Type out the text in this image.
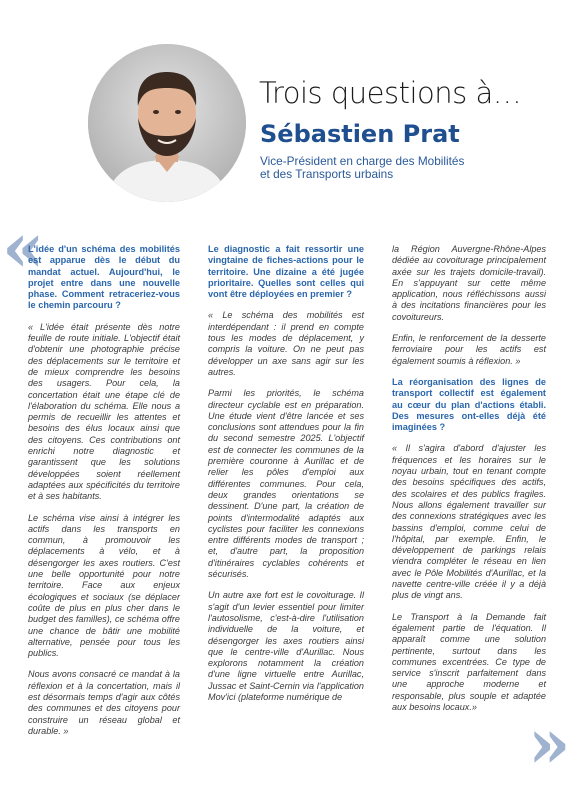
Trois questions à…
Sébastien Prat
Vice-Président en charge des Mobilités
et des Transports urbains
«
»

L'idée d'un schéma des mobilités est apparue dès le début du mandat actuel. Aujourd'hui, le projet entre dans une nouvelle phase. Comment retraceriez-vous le chemin parcouru ?

« L'idée était présente dès notre feuille de route initiale. L'objectif était d'obtenir une photographie précise des déplacements sur le territoire et de mieux comprendre les besoins des usagers. Pour cela, la concertation était une étape clé de l'élaboration du schéma. Elle nous a permis de recueillir les attentes et besoins des élus locaux ainsi que des citoyens. Ces contributions ont enrichi notre diagnostic et garantissent que les solutions développées soient réellement adaptées aux spécificités du territoire et à ses habitants.

Le schéma vise ainsi à intégrer les actifs dans les transports en commun, à promouvoir les déplacements à vélo, et à désengorger les axes routiers. C'est une belle opportunité pour notre territoire. Face aux enjeux écologiques et sociaux (se déplacer coûte de plus en plus cher dans le budget des familles), ce schéma offre une chance de bâtir une mobilité alternative, pensée pour tous les publics.

Nous avons consacré ce mandat à la réflexion et à la concertation, mais il est désormais temps d'agir aux côtés des communes et des citoyens pour construire un réseau global et durable. »

Le diagnostic a fait ressortir une vingtaine de fiches-actions pour le territoire. Une dizaine a été jugée prioritaire. Quelles sont celles qui vont être déployées en premier ?

« Le schéma des mobilités est interdépendant : il prend en compte tous les modes de déplacement, y compris la voiture. On ne peut pas développer un axe sans agir sur les autres.

Parmi les priorités, le schéma directeur cyclable est en préparation. Une étude vient d'être lancée et ses conclusions sont attendues pour la fin du second semestre 2025. L'objectif est de connecter les communes de la première couronne à Aurillac et de relier les pôles d'emploi aux différentes communes. Pour cela, deux grandes orientations se dessinent. D'une part, la création de points d'intermodalité adaptés aux cyclistes pour faciliter les connexions entre différents modes de transport ; et, d'autre part, la proposition d'itinéraires cyclables cohérents et sécurisés.

Un autre axe fort est le covoiturage. Il s'agit d'un levier essentiel pour limiter l'autosolisme, c'est-à-dire l'utilisation individuelle de la voiture, et désengorger les axes routiers ainsi que le centre-ville d'Aurillac. Nous explorons notamment la création d'une ligne virtuelle entre Aurillac, Jussac et Saint-Cernin via l'application Mov'ici (plateforme numérique de

la Région Auvergne-Rhône-Alpes dédiée au covoiturage principalement axée sur les trajets domicile-travail). En s'appuyant sur cette même application, nous réfléchissons aussi à des incitations financières pour les covoitureurs.

Enfin, le renforcement de la desserte ferroviaire pour les actifs est également soumis à réflexion. »

La réorganisation des lignes de transport collectif est également au cœur du plan d'actions établi. Des mesures ont-elles déjà été imaginées ?

« Il s'agira d'abord d'ajuster les fréquences et les horaires sur le noyau urbain, tout en tenant compte des besoins spécifiques des actifs, des scolaires et des publics fragiles. Nous allons également travailler sur des connexions stratégiques avec les bassins d'emploi, comme celui de l'hôpital, par exemple. Enfin, le développement de parkings relais viendra compléter le réseau en lien avec le Pôle Mobilités d'Aurillac, et la navette centre-ville créée il y a déjà plus de vingt ans.

Le Transport à la Demande fait également partie de l'équation. Il apparaît comme une solution pertinente, surtout dans les communes excentrées. Ce type de service s'inscrit parfaitement dans une approche moderne et responsable, plus souple et adaptée aux besoins locaux.»
